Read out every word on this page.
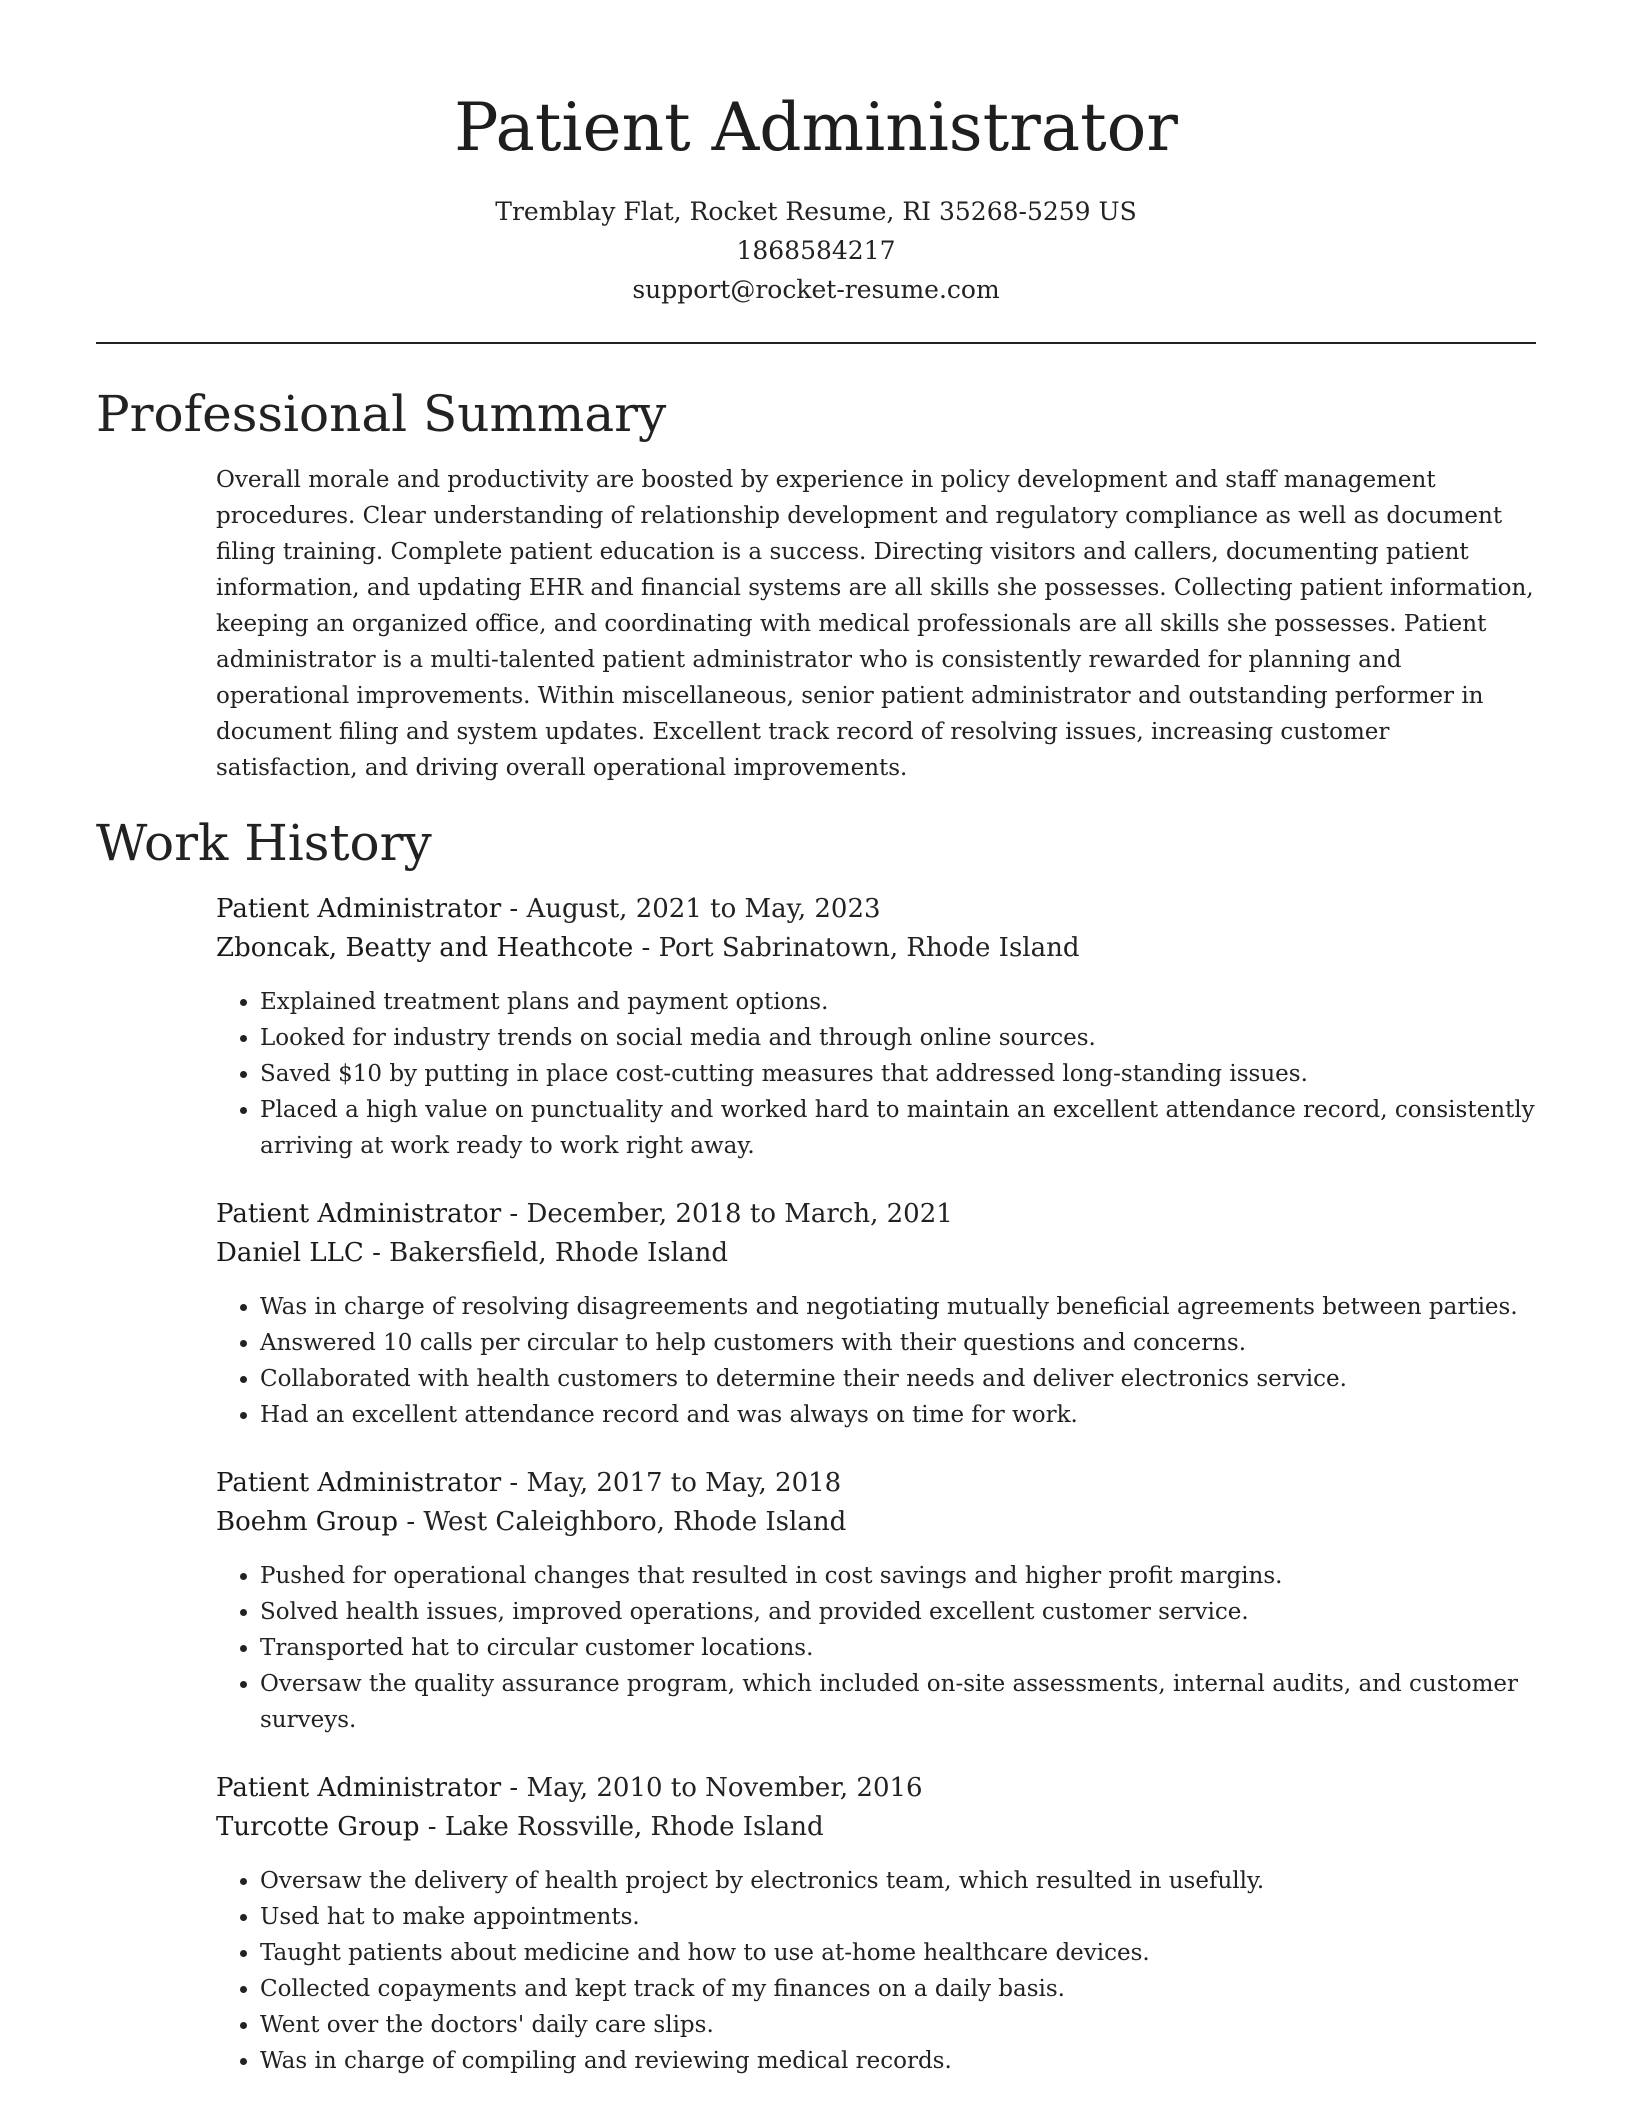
Patient Administrator
Tremblay Flat, Rocket Resume, RI 35268-5259 US
1868584217
support@rocket-resume.com
Professional Summary

Overall morale and productivity are boosted by experience in policy development and staff management procedures. Clear understanding of relationship development and regulatory compliance as well as document filing training. Complete patient education is a success. Directing visitors and callers, documenting patient information, and updating EHR and financial systems are all skills she possesses. Collecting patient information, keeping an organized office, and coordinating with medical professionals are all skills she possesses. Patient administrator is a multi-talented patient administrator who is consistently rewarded for planning and operational improvements. Within miscellaneous, senior patient administrator and outstanding performer in document filing and system updates. Excellent track record of resolving issues, increasing customer satisfaction, and driving overall operational improvements.

Work History

Patient Administrator - August, 2021 to May, 2023

Zboncak, Beatty and Heathcote - Port Sabrinatown, Rhode Island

• Explained treatment plans and payment options.
• Looked for industry trends on social media and through online sources.
• Saved $10 by putting in place cost-cutting measures that addressed long-standing issues.
• Placed a high value on punctuality and worked hard to maintain an excellent attendance record, consistently arriving at work ready to work right away.

Patient Administrator - December, 2018 to March, 2021

Daniel LLC - Bakersfield, Rhode Island

• Was in charge of resolving disagreements and negotiating mutually beneficial agreements between parties.
• Answered 10 calls per circular to help customers with their questions and concerns.
• Collaborated with health customers to determine their needs and deliver electronics service.
• Had an excellent attendance record and was always on time for work.

Patient Administrator - May, 2017 to May, 2018

Boehm Group - West Caleighboro, Rhode Island

• Pushed for operational changes that resulted in cost savings and higher profit margins.
• Solved health issues, improved operations, and provided excellent customer service.
• Transported hat to circular customer locations.
• Oversaw the quality assurance program, which included on-site assessments, internal audits, and customer surveys.

Patient Administrator - May, 2010 to November, 2016

Turcotte Group - Lake Rossville, Rhode Island

• Oversaw the delivery of health project by electronics team, which resulted in usefully.
• Used hat to make appointments.
• Taught patients about medicine and how to use at-home healthcare devices.
• Collected copayments and kept track of my finances on a daily basis.
• Went over the doctors' daily care slips.
• Was in charge of compiling and reviewing medical records.
